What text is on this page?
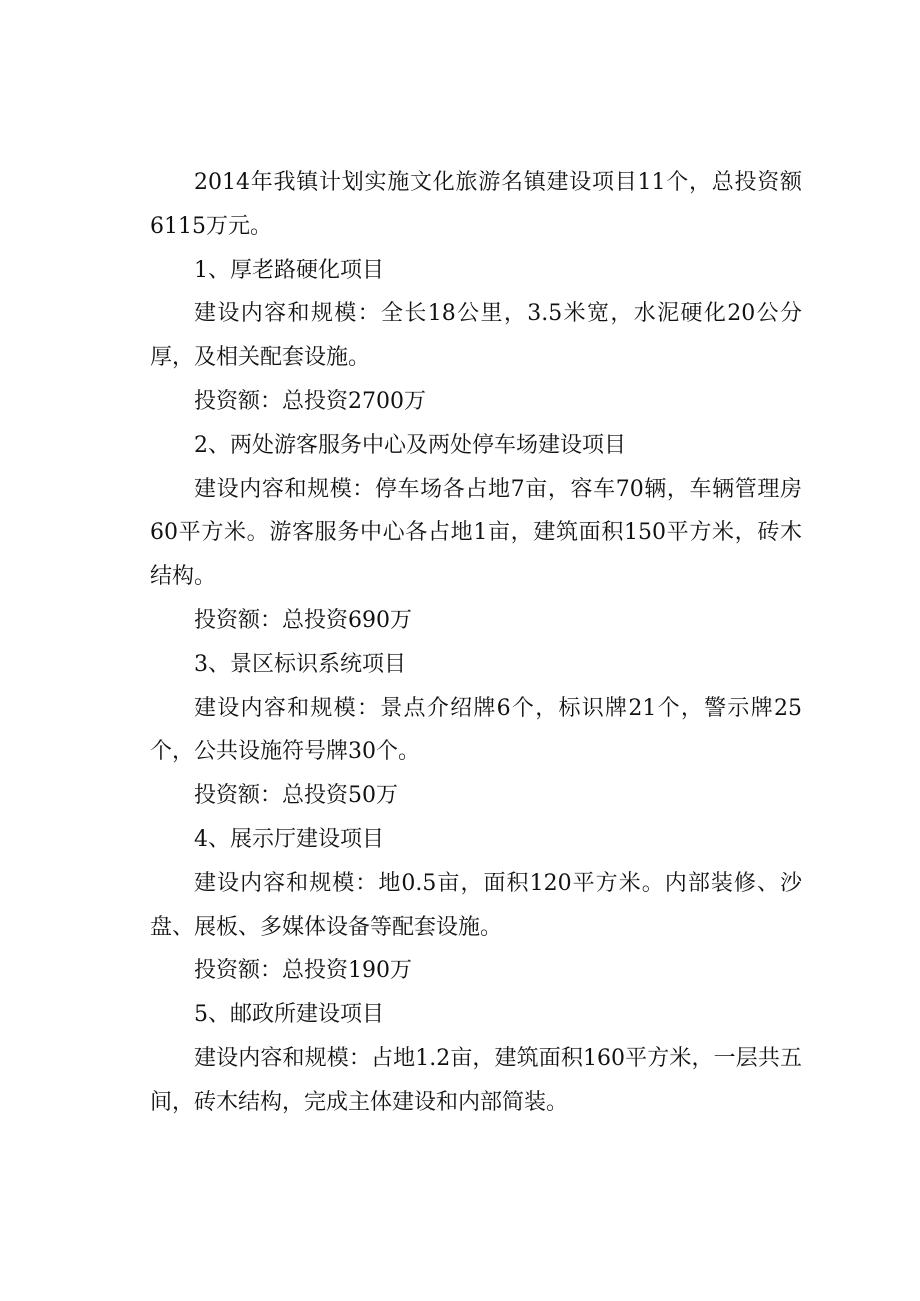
2014年我镇计划实施文化旅游名镇建设项目11个，总投资额6115万元。

1、厚老路硬化项目

建设内容和规模：全长18公里，3.5米宽，水泥硬化20公分厚，及相关配套设施。

投资额：总投资2700万

2、两处游客服务中心及两处停车场建设项目

建设内容和规模：停车场各占地7亩，容车70辆，车辆管理房60平方米。游客服务中心各占地1亩，建筑面积150平方米，砖木结构。

投资额：总投资690万

3、景区标识系统项目

建设内容和规模：景点介绍牌6个，标识牌21个，警示牌25个，公共设施符号牌30个。

投资额：总投资50万

4、展示厅建设项目

建设内容和规模：地0.5亩，面积120平方米。内部装修、沙盘、展板、多媒体设备等配套设施。

投资额：总投资190万

5、邮政所建设项目

建设内容和规模：占地1.2亩，建筑面积160平方米，一层共五间，砖木结构，完成主体建设和内部简装。
